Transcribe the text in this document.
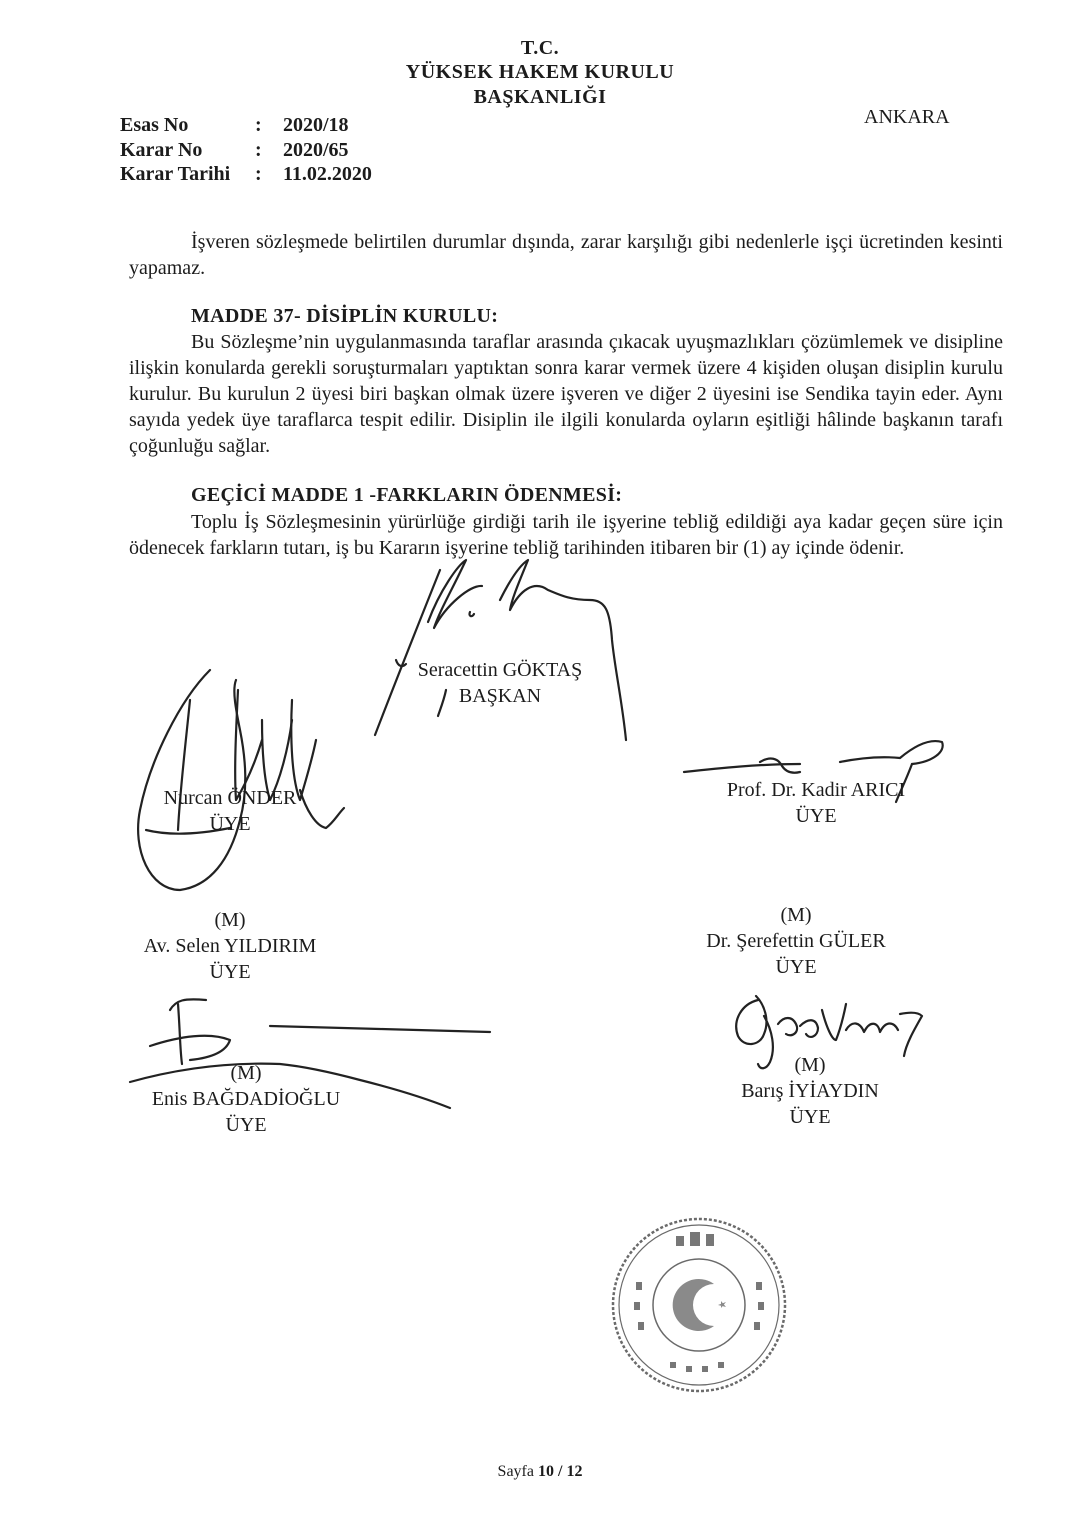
T.C.
YÜKSEK HAKEM KURULU
BAŞKANLIĞI
ANKARA
Esas No	: 2020/18
Karar No	: 2020/65
Karar Tarihi : 11.02.2020
İşveren sözleşmede belirtilen durumlar dışında, zarar karşılığı gibi nedenlerle işçi ücretinden kesinti yapamaz.
MADDE 37- DİSİPLİN KURULU:
Bu Sözleşme’nin uygulanmasında taraflar arasında çıkacak uyuşmazlıkları çözümlemek ve disipline ilişkin konularda gerekli soruşturmaları yaptıktan sonra karar vermek üzere 4 kişiden oluşan disiplin kurulu kurulur. Bu kurulun 2 üyesi biri başkan olmak üzere işveren ve diğer 2 üyesini ise Sendika tayin eder. Aynı sayıda yedek üye taraflarca tespit edilir. Disiplin ile ilgili konularda oyların eşitliği hâlinde başkanın tarafı çoğunluğu sağlar.
GEÇİCİ MADDE 1 -FARKLARIN ÖDENMESİ:
Toplu İş Sözleşmesinin yürürlüğe girdiği tarih ile işyerine tebliğ edildiği aya kadar geçen süre için ödenecek farkların tutarı, iş bu Kararın işyerine tebliğ tarihinden itibaren bir (1) ay içinde ödenir.
Seracettin GÖKTAŞ
BAŞKAN
Nurcan ÖNDER
ÜYE
Prof. Dr. Kadir ARICI
ÜYE
(M)
Av. Selen YILDIRIM
ÜYE
(M)
Dr. Şerefettin GÜLER
ÜYE
(M)
Enis BAĞDADİOĞLU
ÜYE
(M)
Barış İYİAYDIN
ÜYE
Sayfa 10 / 12
